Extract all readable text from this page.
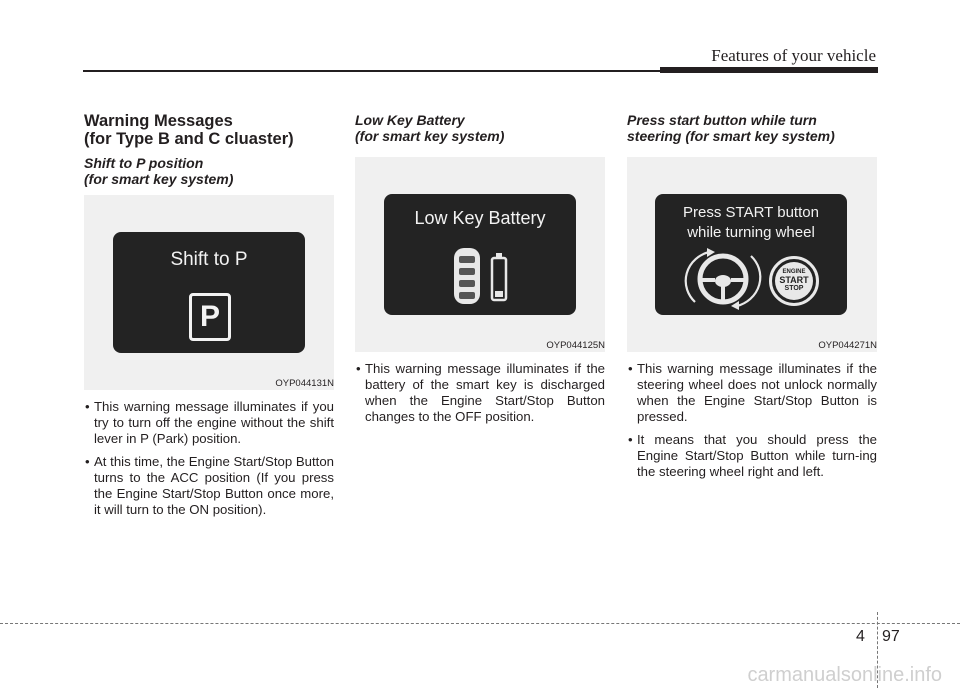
Features of your vehicle
Warning Messages
(for Type B and C cluaster)
Shift to P position
(for smart key system)
Shift to P
P
OYP044131N
• This warning message illuminates if you try to turn off the engine without the shift lever in P (Park) position.
• At this time, the Engine Start/Stop Button turns to the ACC position (If you press the Engine Start/Stop Button once more, it will turn to the ON position).
Low Key Battery
(for smart key system)
Low Key Battery
OYP044125N
• This warning message illuminates if the battery of the smart key is discharged when the Engine Start/Stop Button changes to the OFF position.
Press start button while turn
steering (for smart key system)
Press START button
while turning wheel
ENGINE
START
STOP
OYP044271N
• This warning message illuminates if the steering wheel does not unlock normally when the Engine Start/Stop Button is pressed.
• It means that you should press the Engine Start/Stop Button while turn-ing the steering wheel right and left.
4 97
carmanualsonline.info
